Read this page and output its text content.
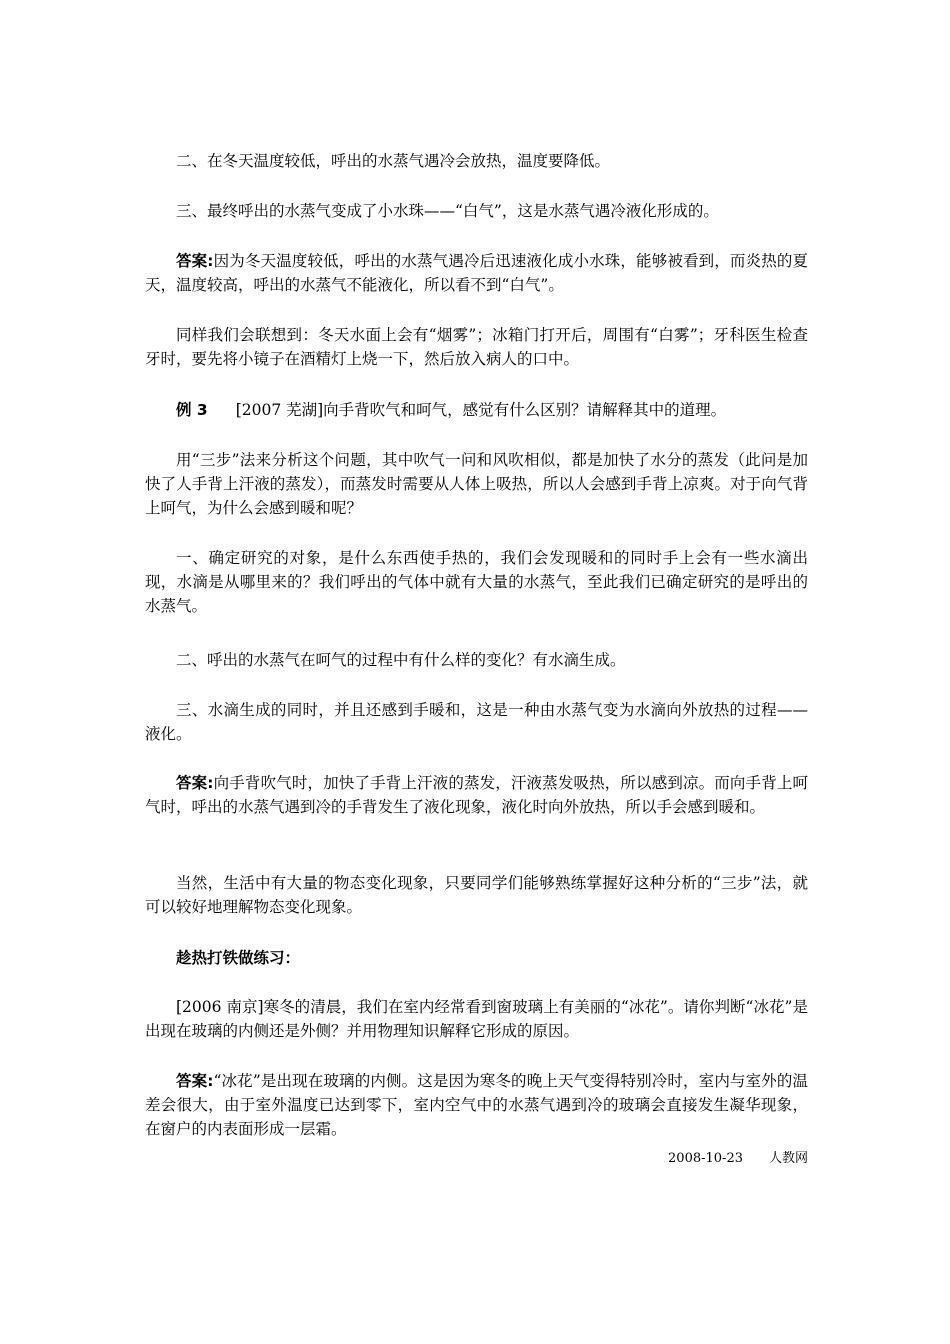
二、在冬天温度较低，呼出的水蒸气遇冷会放热，温度要降低。

三、最终呼出的水蒸气变成了小水珠——“白气”，这是水蒸气遇冷液化形成的。

答案:因为冬天温度较低，呼出的水蒸气遇冷后迅速液化成小水珠，能够被看到，而炎热的夏天，温度较高，呼出的水蒸气不能液化，所以看不到“白气”。

同样我们会联想到：冬天水面上会有“烟雾”；冰箱门打开后，周围有“白雾”；牙科医生检查牙时，要先将小镜子在酒精灯上烧一下，然后放入病人的口中。

例 3 [2007 芜湖]向手背吹气和呵气，感觉有什么区别？请解释其中的道理。

用“三步”法来分析这个问题，其中吹气一问和风吹相似，都是加快了水分的蒸发（此问是加快了人手背上汗液的蒸发），而蒸发时需要从人体上吸热，所以人会感到手背上凉爽。对于向气背上呵气，为什么会感到暖和呢？

一、确定研究的对象，是什么东西使手热的，我们会发现暖和的同时手上会有一些水滴出现，水滴是从哪里来的？我们呼出的气体中就有大量的水蒸气，至此我们已确定研究的是呼出的水蒸气。

二、呼出的水蒸气在呵气的过程中有什么样的变化？有水滴生成。

三、水滴生成的同时，并且还感到手暖和，这是一种由水蒸气变为水滴向外放热的过程——液化。

答案:向手背吹气时，加快了手背上汗液的蒸发，汗液蒸发吸热，所以感到凉。而向手背上呵气时，呼出的水蒸气遇到冷的手背发生了液化现象，液化时向外放热，所以手会感到暖和。

当然，生活中有大量的物态变化现象，只要同学们能够熟练掌握好这种分析的“三步”法，就可以较好地理解物态变化现象。

趁热打铁做练习：

[2006 南京]寒冬的清晨，我们在室内经常看到窗玻璃上有美丽的“冰花”。请你判断“冰花”是出现在玻璃的内侧还是外侧？并用物理知识解释它形成的原因。

答案:“冰花”是出现在玻璃的内侧。这是因为寒冬的晚上天气变得特别冷时，室内与室外的温差会很大，由于室外温度已达到零下，室内空气中的水蒸气遇到冷的玻璃会直接发生凝华现象，在窗户的内表面形成一层霜。

2008-10-23 人教网
